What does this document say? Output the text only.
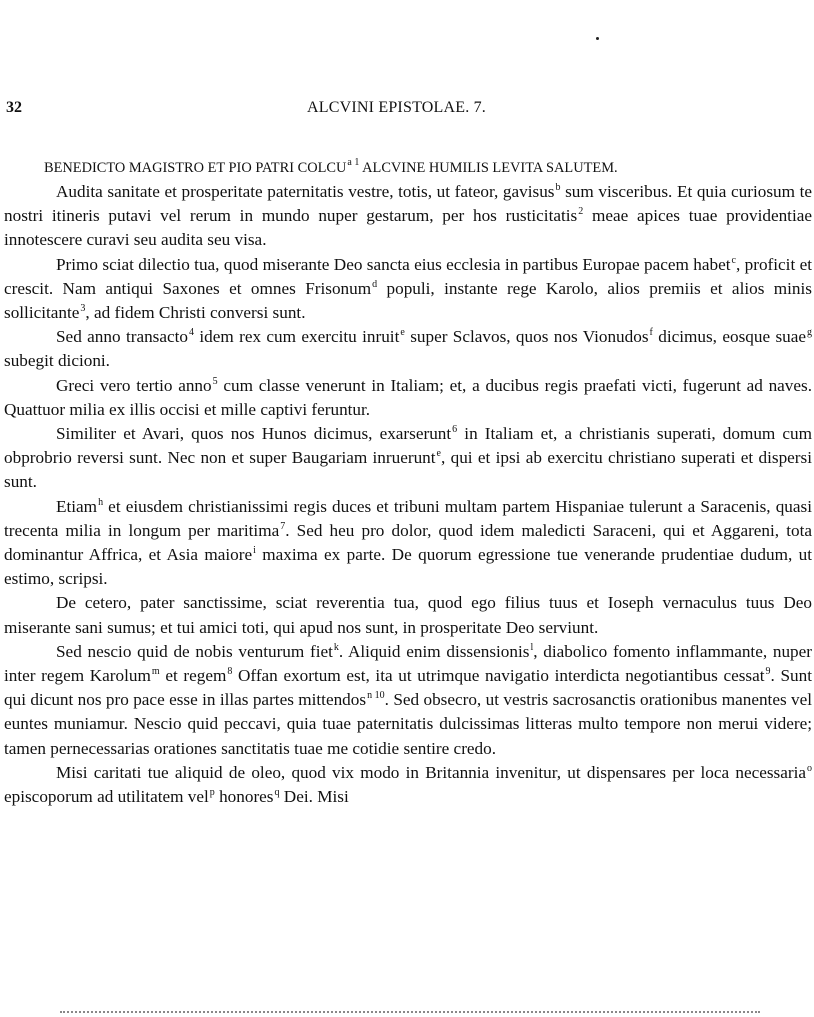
32	ALCVINI EPISTOLAE. 7.
BENEDICTO MAGISTRO ET PIO PATRI $COLCU^{a 1}$ ALCVINE HUMILIS LEVITA SALUTEM.

Audita sanitate et prosperitate paternitatis vestre, totis, ut fateor, gavisus$^b$ sum visceribus. Et quia curiosum te nostri itineris putavi vel rerum in mundo nuper gestarum, per hos rusticitatis$^2$ meae apices tuae providentiae innotescere curavi seu audita seu visa.

Primo sciat dilectio tua, quod miserante Deo sancta eius ecclesia in partibus Europae pacem habet$^c$, proficit et crescit. Nam antiqui Saxones et omnes Frisonum$^d$ populi, instante rege Karolo, alios premiis et alios minis sollicitante$^3$, ad fidem Christi conversi sunt.

Sed anno transacto$^4$ idem rex cum exercitu inruit$^e$ super Sclavos, quos nos Vionudos$^f$ dicimus, eosque suae$^g$ subegit dicioni.

Greci vero tertio anno$^5$ cum classe venerunt in Italiam; et, a ducibus regis praefati victi, fugerunt ad naves. Quattuor milia ex illis occisi et mille captivi feruntur.

Similiter et Avari, quos nos Hunos dicimus, exarserunt$^6$ in Italiam et, a christianis superati, domum cum obprobrio reversi sunt. Nec non et super Baugariam inruerunt$^e$, qui et ipsi ab exercitu christiano superati et dispersi sunt.

Etiam$^h$ et eiusdem christianissimi regis duces et tribuni multam partem Hispaniae tulerunt a Saracenis, quasi trecenta milia in longum per maritima$^7$. Sed heu pro dolor, quod idem maledicti Saraceni, qui et Aggareni, tota dominantur Affrica, et Asia maiore$^i$ maxima ex parte. De quorum egressione tue venerande prudentiae dudum, ut estimo, scripsi.

De cetero, pater sanctissime, sciat reverentia tua, quod ego filius tuus et Ioseph vernaculus tuus Deo miserante sani sumus; et tui amici toti, qui apud nos sunt, in prosperitate Deo serviunt.

Sed nescio quid de nobis venturum fiet$^k$. Aliquid enim dissensionis$^l$, diabolico fomento inflammante, nuper inter regem Karolum$^m$ et regem$^8$ Offan exortum est, ita ut utrimque navigatio interdicta negotiantibus cessat$^9$. Sunt qui dicunt nos pro pace esse in illas partes mittendos$^{n 10}$. Sed obsecro, ut vestris sacrosanctis orationibus manentes vel euntes muniamur. Nescio quid peccavi, quia tuae paternitatis dulcissimas litteras multo tempore non merui videre; tamen pernecessarias orationes sanctitatis tuae me cotidie sentire credo.

Misi caritati tue aliquid de oleo, quod vix modo in Britannia invenitur, ut dispensares per loca necessaria$^o$ episcoporum ad utilitatem vel$^p$ honores$^q$ Dei. Misi
